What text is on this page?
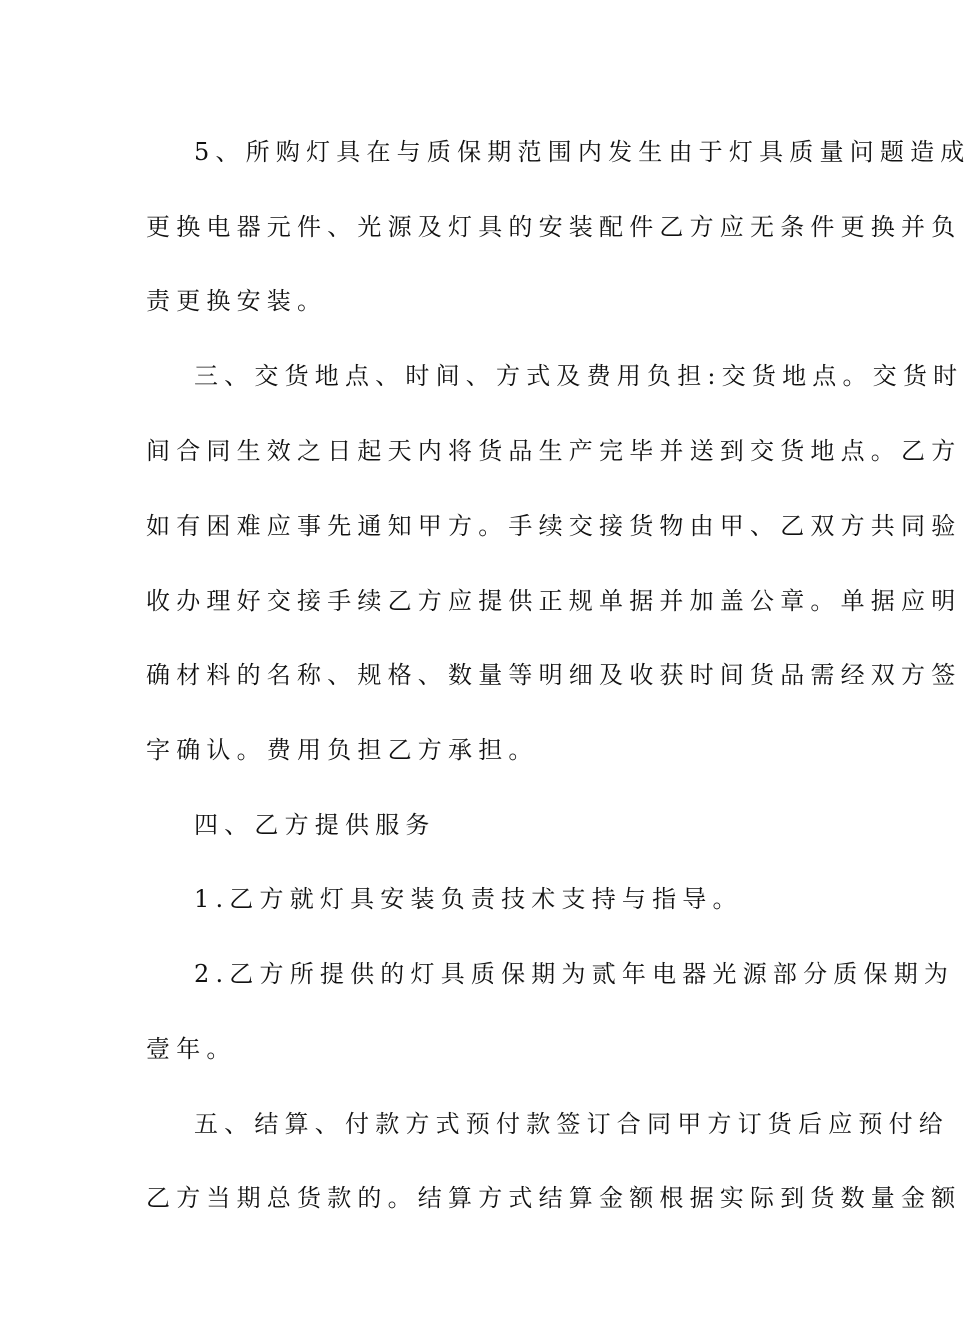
5、所购灯具在与质保期范围内发生由于灯具质量问题造成
更换电器元件、光源及灯具的安装配件乙方应无条件更换并负
责更换安装。
三、交货地点、时间、方式及费用负担:交货地点。交货时
间合同生效之日起天内将货品生产完毕并送到交货地点。乙方
如有困难应事先通知甲方。手续交接货物由甲、乙双方共同验
收办理好交接手续乙方应提供正规单据并加盖公章。单据应明
确材料的名称、规格、数量等明细及收获时间货品需经双方签
字确认。费用负担乙方承担。
四、乙方提供服务
1.乙方就灯具安装负责技术支持与指导。
2.乙方所提供的灯具质保期为贰年电器光源部分质保期为
壹年。
五、结算、付款方式预付款签订合同甲方订货后应预付给
乙方当期总货款的。结算方式结算金额根据实际到货数量金额
